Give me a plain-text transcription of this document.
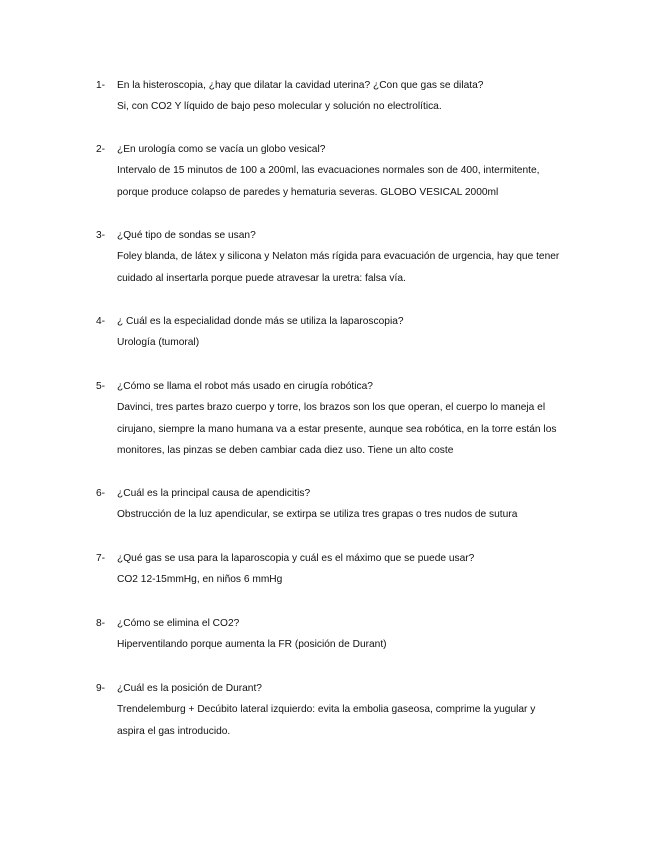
1- En la histeroscopia, ¿hay que dilatar la cavidad uterina? ¿Con que gas se dilata?
Si, con CO2 Y líquido de bajo peso molecular y solución no electrolítica.
2- ¿En urología como se vacía un globo vesical?
Intervalo de 15 minutos de 100 a 200ml, las evacuaciones normales son de 400, intermitente,
porque produce colapso de paredes y hematuria severas. GLOBO VESICAL 2000ml
3- ¿Qué tipo de sondas se usan?
Foley blanda, de látex y silicona y Nelaton más rígida para evacuación de urgencia, hay que tener
cuidado al insertarla porque puede atravesar la uretra: falsa vía.
4- ¿ Cuál es la especialidad donde más se utiliza la laparoscopia?
Urología (tumoral)
5- ¿Cómo se llama el robot más usado en cirugía robótica?
Davinci, tres partes brazo cuerpo y torre, los brazos son los que operan, el cuerpo lo maneja el
cirujano, siempre la mano humana va a estar presente, aunque sea robótica, en la torre están los
monitores, las pinzas se deben cambiar cada diez uso. Tiene un alto coste
6- ¿Cuál es la principal causa de apendicitis?
Obstrucción de la luz apendicular, se extirpa se utiliza tres grapas o tres nudos de sutura
7- ¿Qué gas se usa para la laparoscopia y cuál es el máximo que se puede usar?
CO2 12-15mmHg, en niños 6 mmHg
8- ¿Cómo se elimina el CO2?
Hiperventilando porque aumenta la FR (posición de Durant)
9- ¿Cuál es la posición de Durant?
Trendelemburg + Decúbito lateral izquierdo: evita la embolia gaseosa, comprime la yugular y
aspira el gas introducido.
